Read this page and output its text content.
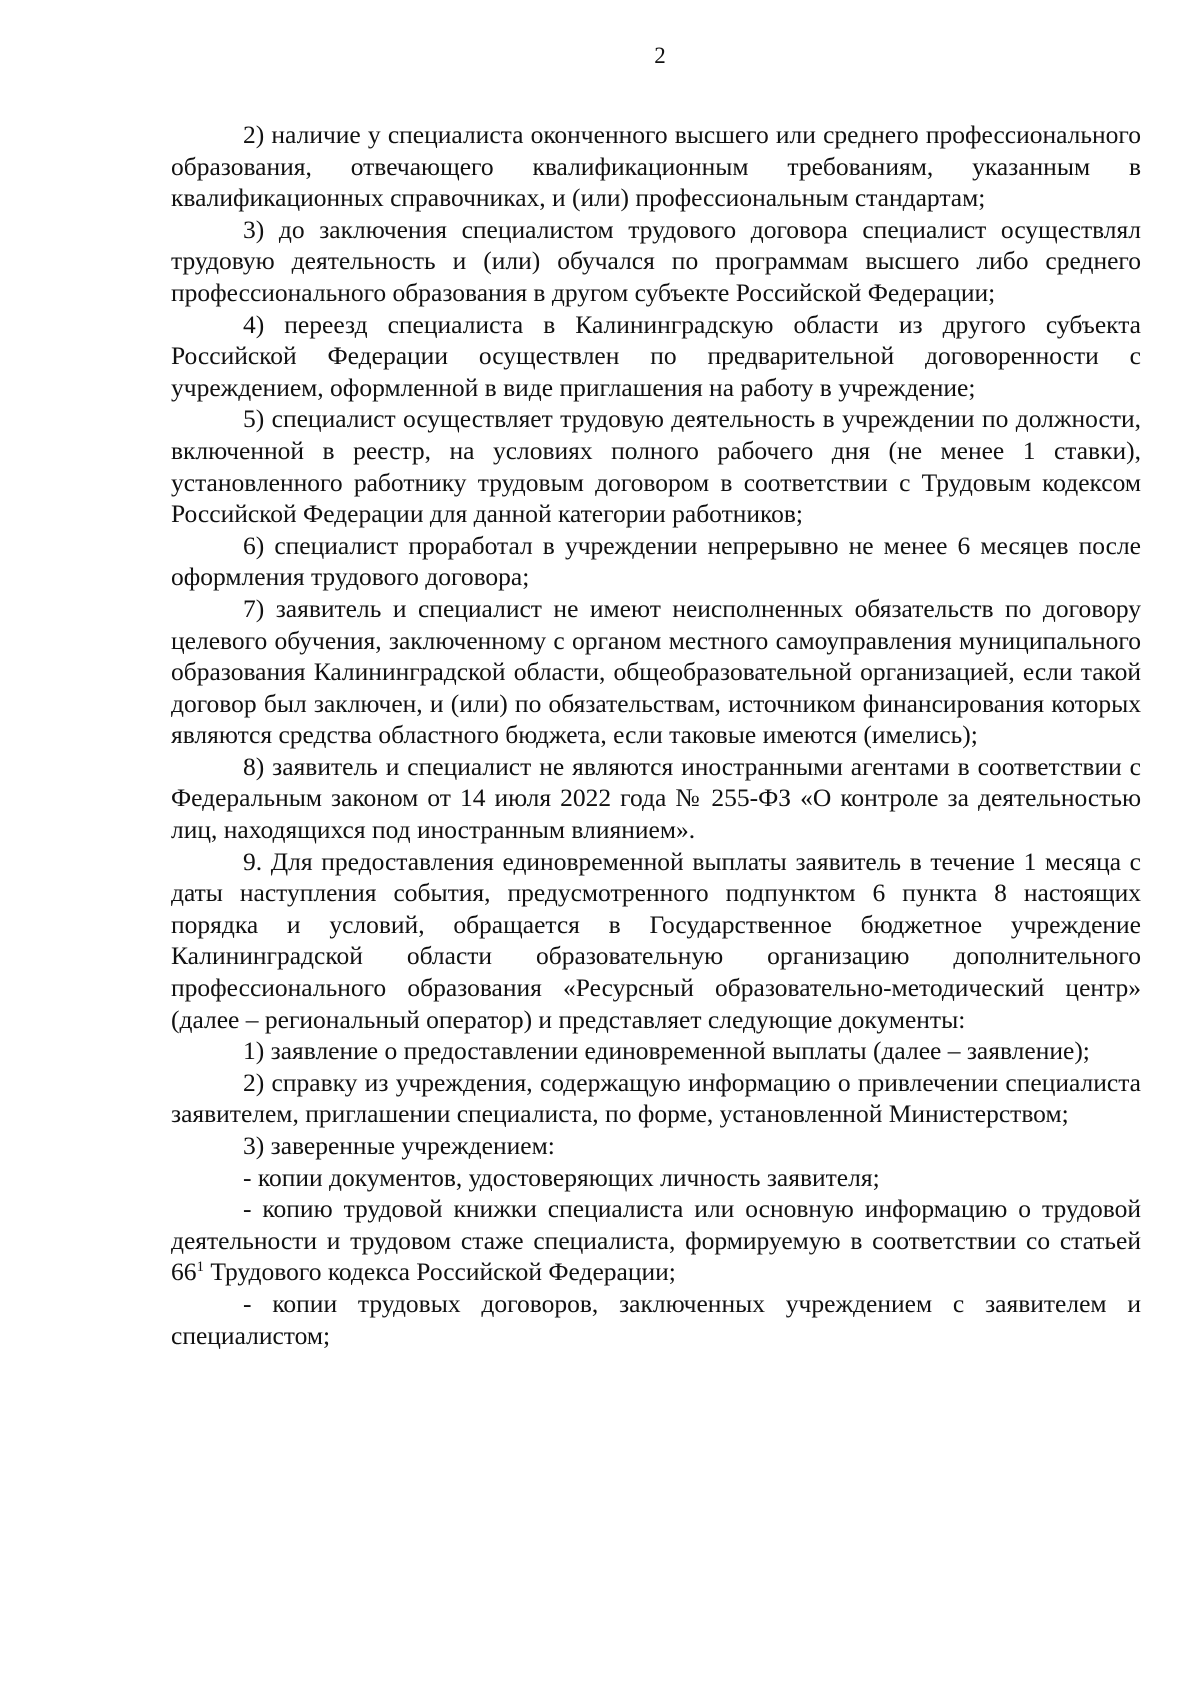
2

2) наличие у специалиста оконченного высшего или среднего профессионального образования, отвечающего квалификационным требованиям, указанным в квалификационных справочниках, и (или) профессиональным стандартам;

3) до заключения специалистом трудового договора специалист осуществлял трудовую деятельность и (или) обучался по программам высшего либо среднего профессионального образования в другом субъекте Российской Федерации;

4) переезд специалиста в Калининградскую области из другого субъекта Российской Федерации осуществлен по предварительной договоренности с учреждением, оформленной в виде приглашения на работу в учреждение;

5) специалист осуществляет трудовую деятельность в учреждении по должности, включенной в реестр, на условиях полного рабочего дня (не менее 1 ставки), установленного работнику трудовым договором в соответствии с Трудовым кодексом Российской Федерации для данной категории работников;

6) специалист проработал в учреждении непрерывно не менее 6 месяцев после оформления трудового договора;

7) заявитель и специалист не имеют неисполненных обязательств по договору целевого обучения, заключенному с органом местного самоуправления муниципального образования Калининградской области, общеобразовательной организацией, если такой договор был заключен, и (или) по обязательствам, источником финансирования которых являются средства областного бюджета, если таковые имеются (имелись);

8) заявитель и специалист не являются иностранными агентами в соответствии с Федеральным законом от 14 июля 2022 года № 255-ФЗ «О контроле за деятельностью лиц, находящихся под иностранным влиянием».

9. Для предоставления единовременной выплаты заявитель в течение 1 месяца с даты наступления события, предусмотренного подпунктом 6 пункта 8 настоящих порядка и условий, обращается в Государственное бюджетное учреждение Калининградской области образовательную организацию дополнительного профессионального образования «Ресурсный образовательно-методический центр» (далее – региональный оператор) и представляет следующие документы:

1) заявление о предоставлении единовременной выплаты (далее – заявление);

2) справку из учреждения, содержащую информацию о привлечении специалиста заявителем, приглашении специалиста, по форме, установленной Министерством;

3) заверенные учреждением:

- копии документов, удостоверяющих личность заявителя;

- копию трудовой книжки специалиста или основную информацию о трудовой деятельности и трудовом стаже специалиста, формируемую в соответствии со статьей $66^1$ Трудового кодекса Российской Федерации;

- копии трудовых договоров, заключенных учреждением с заявителем и специалистом;
